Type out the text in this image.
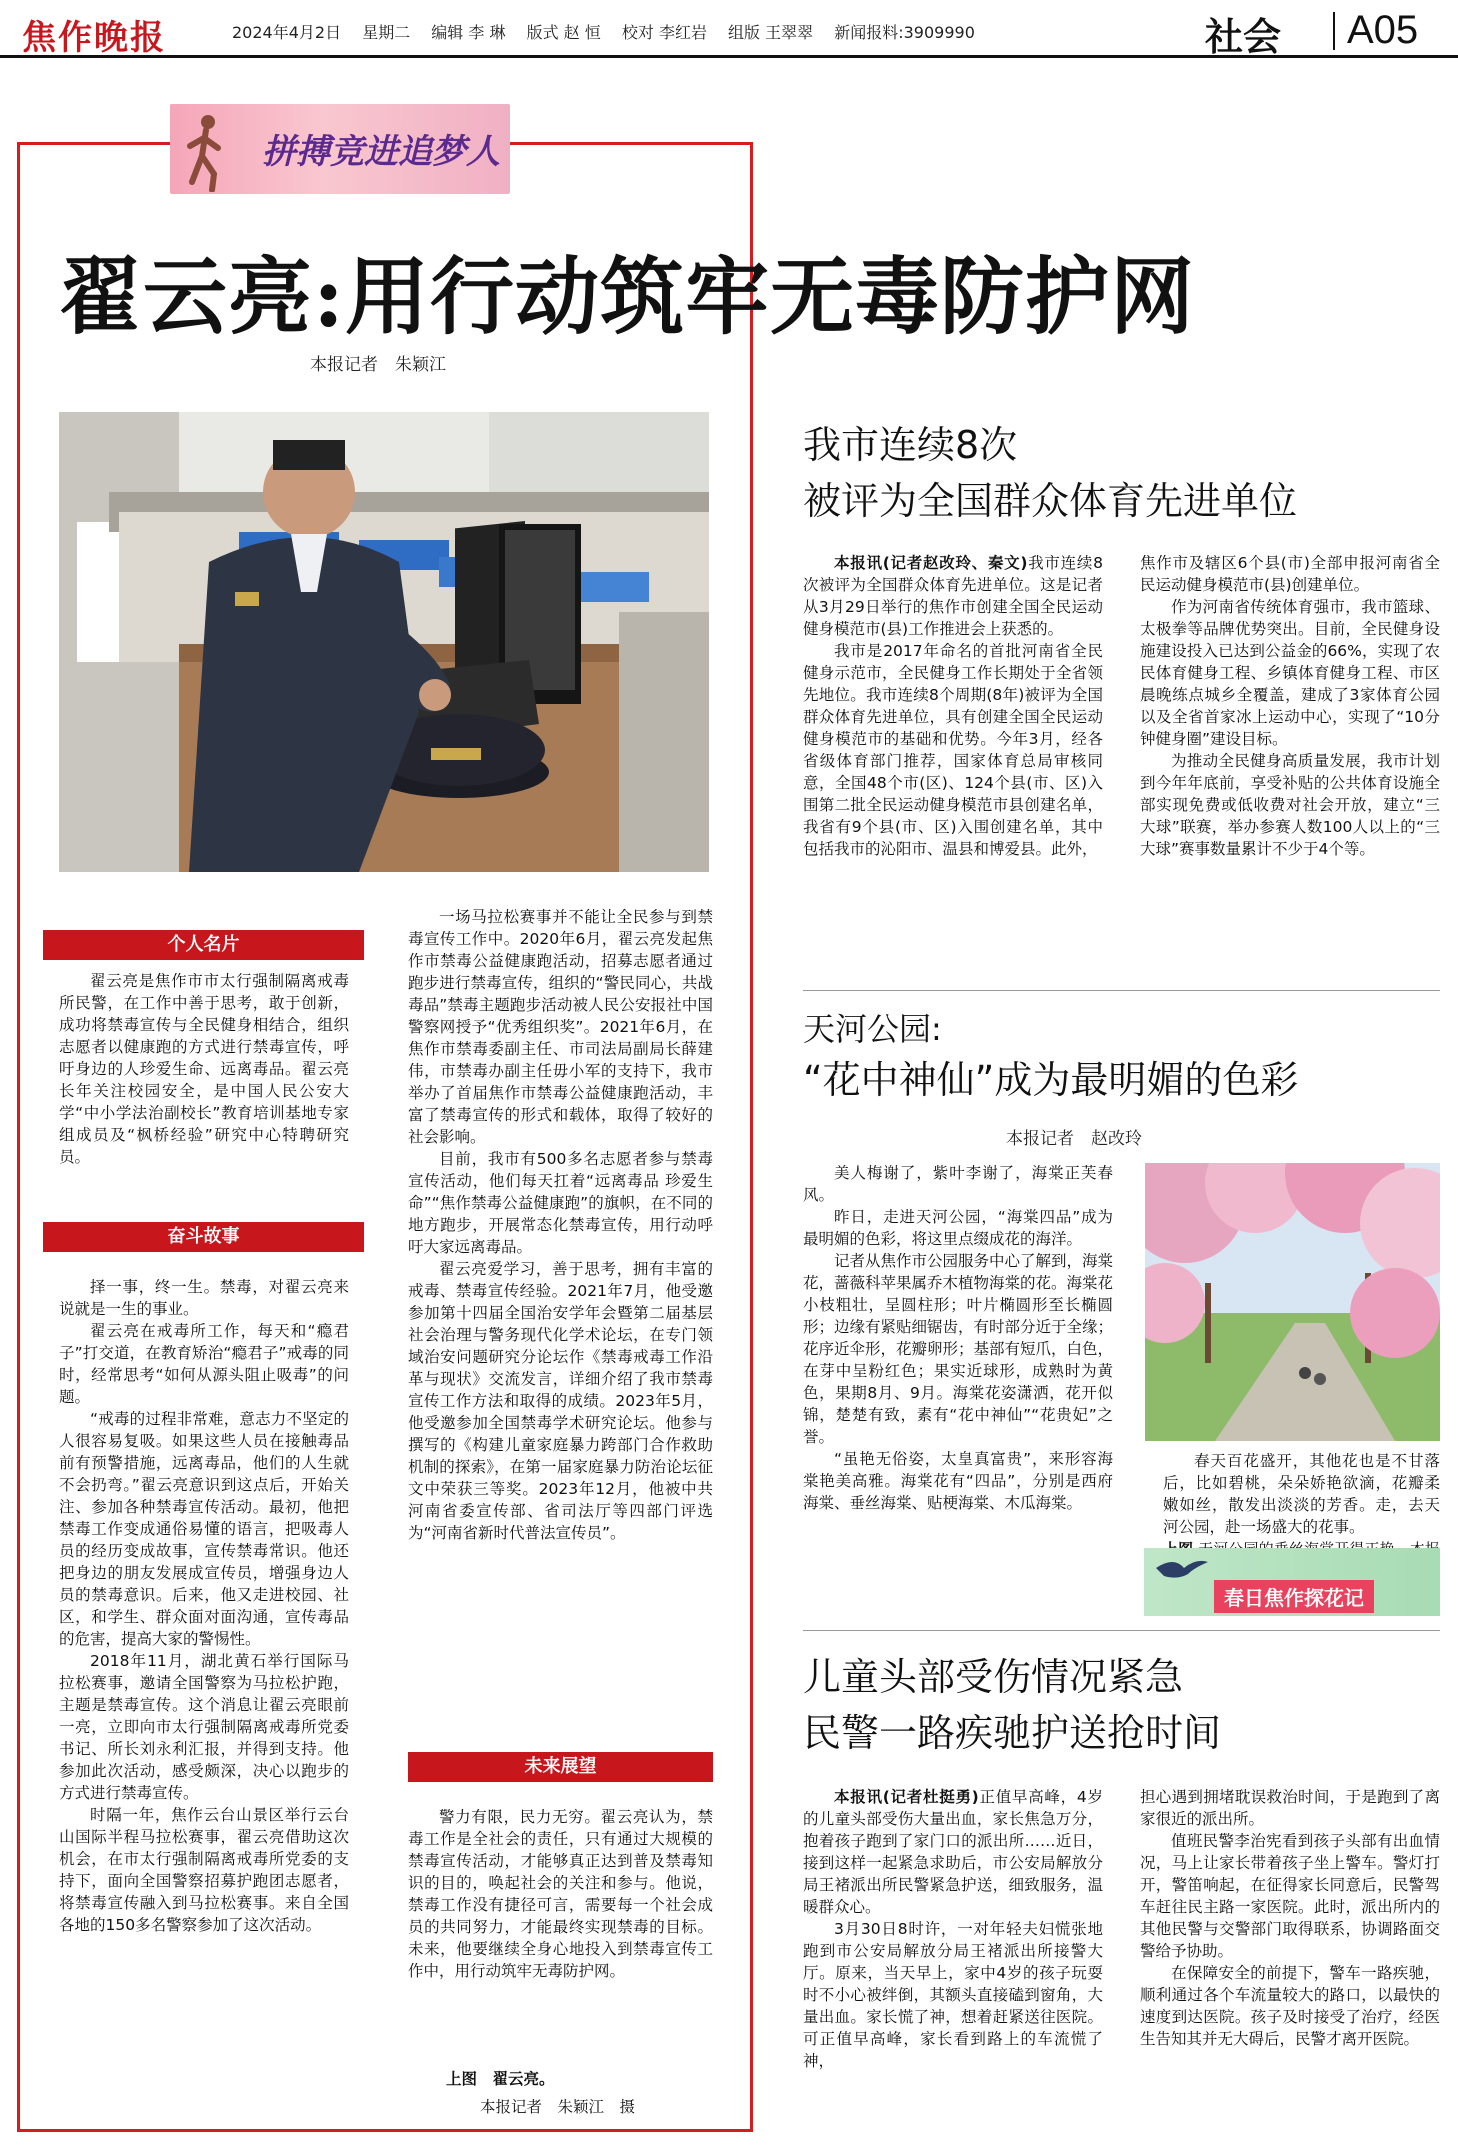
焦作晚报	2024年4月2日　 星期二　 编辑 李 琳　 版式 赵 恒　 校对 李红岩　 组版 王翠翠　 新闻报料:3909990	社会 A05
拼搏竞进追梦人
翟云亮:用行动筑牢无毒防护网
本报记者　朱颖江
个人名片

翟云亮是焦作市市太行强制隔离戒毒所民警，在工作中善于思考，敢于创新，成功将禁毒宣传与全民健身相结合，组织志愿者以健康跑的方式进行禁毒宣传，呼吁身边的人珍爱生命、远离毒品。翟云亮长年关注校园安全，是中国人民公安大学“中小学法治副校长”教育培训基地专家组成员及“枫桥经验”研究中心特聘研究员。

奋斗故事

择一事，终一生。禁毒，对翟云亮来说就是一生的事业。

翟云亮在戒毒所工作，每天和“瘾君子”打交道，在教育矫治“瘾君子”戒毒的同时，经常思考“如何从源头阻止吸毒”的问题。

“戒毒的过程非常难，意志力不坚定的人很容易复吸。如果这些人员在接触毒品前有预警措施，远离毒品，他们的人生就不会扔弯。”翟云亮意识到这点后，开始关注、参加各种禁毒宣传活动。最初，他把禁毒工作变成通俗易懂的语言，把吸毒人员的经历变成故事，宣传禁毒常识。他还把身边的朋友发展成宣传员，增强身边人员的禁毒意识。后来，他又走进校园、社区，和学生、群众面对面沟通，宣传毒品的危害，提高大家的警惕性。

2018年11月，湖北黄石举行国际马拉松赛事，邀请全国警察为马拉松护跑，主题是禁毒宣传。这个消息让翟云亮眼前一亮，立即向市太行强制隔离戒毒所党委书记、所长刘永利汇报，并得到支持。他参加此次活动，感受颇深，决心以跑步的方式进行禁毒宣传。

时隔一年，焦作云台山景区举行云台山国际半程马拉松赛事，翟云亮借助这次机会，在市太行强制隔离戒毒所党委的支持下，面向全国警察招募护跑团志愿者，将禁毒宣传融入到马拉松赛事。来自全国各地的150多名警察参加了这次活动。

一场马拉松赛事并不能让全民参与到禁毒宣传工作中。2020年6月，翟云亮发起焦作市禁毒公益健康跑活动，招募志愿者通过跑步进行禁毒宣传，组织的“警民同心，共战毒品”禁毒主题跑步活动被人民公安报社中国警察网授予“优秀组织奖”。2021年6月，在焦作市禁毒委副主任、市司法局副局长薛建伟，市禁毒办副主任毋小军的支持下，我市举办了首届焦作市禁毒公益健康跑活动，丰富了禁毒宣传的形式和载体，取得了较好的社会影响。

目前，我市有500多名志愿者参与禁毒宣传活动，他们每天扛着“远离毒品 珍爱生命”“焦作禁毒公益健康跑”的旗帜，在不同的地方跑步，开展常态化禁毒宣传，用行动呼吁大家远离毒品。

翟云亮爱学习，善于思考，拥有丰富的戒毒、禁毒宣传经验。2021年7月，他受邀参加第十四届全国治安学年会暨第二届基层社会治理与警务现代化学术论坛，在专门领域治安问题研究分论坛作《禁毒戒毒工作沿革与现状》交流发言，详细介绍了我市禁毒宣传工作方法和取得的成绩。2023年5月，他受邀参加全国禁毒学术研究论坛。他参与撰写的《构建儿童家庭暴力跨部门合作救助机制的探索》，在第一届家庭暴力防治论坛征文中荣获三等奖。2023年12月，他被中共河南省委宣传部、省司法厅等四部门评选为“河南省新时代普法宣传员”。

未来展望

警力有限，民力无穷。翟云亮认为，禁毒工作是全社会的责任，只有通过大规模的禁毒宣传活动，才能够真正达到普及禁毒知识的目的，唤起社会的关注和参与。他说，禁毒工作没有捷径可言，需要每一个社会成员的共同努力，才能最终实现禁毒的目标。未来，他要继续全身心地投入到禁毒宣传工作中，用行动筑牢无毒防护网。

上图　翟云亮。
本报记者　朱颖江　摄
我市连续8次
被评为全国群众体育先进单位

本报讯(记者赵改玲、秦文)我市连续8次被评为全国群众体育先进单位。这是记者从3月29日举行的焦作市创建全国全民运动健身模范市(县)工作推进会上获悉的。

我市是2017年命名的首批河南省全民健身示范市，全民健身工作长期处于全省领先地位。我市连续8个周期(8年)被评为全国群众体育先进单位，具有创建全国全民运动健身模范市的基础和优势。今年3月，经各省级体育部门推荐，国家体育总局审核同意，全国48个市(区)、124个县(市、区)入围第二批全民运动健身模范市县创建名单，我省有9个县(市、区)入围创建名单，其中包括我市的沁阳市、温县和博爱县。此外，

焦作市及辖区6个县(市)全部申报河南省全民运动健身模范市(县)创建单位。

作为河南省传统体育强市，我市篮球、太极拳等品牌优势突出。目前，全民健身设施建设投入已达到公益金的66%，实现了农民体育健身工程、乡镇体育健身工程、市区晨晚练点城乡全覆盖，建成了3家体育公园以及全省首家冰上运动中心，实现了“10分钟健身圈”建设目标。

为推动全民健身高质量发展，我市计划到今年年底前，享受补贴的公共体育设施全部实现免费或低收费对社会开放，建立“三大球”联赛，举办参赛人数100人以上的“三大球”赛事数量累计不少于4个等。

天河公园:
“花中神仙”成为最明媚的色彩
本报记者　赵改玲

美人梅谢了，紫叶李谢了，海棠正芙春风。

昨日，走进天河公园，“海棠四品”成为最明媚的色彩，将这里点缀成花的海洋。

记者从焦作市公园服务中心了解到，海棠花，蔷薇科苹果属乔木植物海棠的花。海棠花小枝粗壮，呈圆柱形；叶片椭圆形至长椭圆形；边缘有紧贴细锯齿，有时部分近于全缘；花序近伞形，花瓣卵形；基部有短爪，白色，在芽中呈粉红色；果实近球形，成熟时为黄色，果期8月、9月。海棠花姿潇洒，花开似锦，楚楚有致，素有“花中神仙”“花贵妃”之誉。

“虽艳无俗姿，太皇真富贵”，来形容海棠艳美高雅。海棠花有“四品”，分别是西府海棠、垂丝海棠、贴梗海棠、木瓜海棠。

春天百花盛开，其他花也是不甘落后，比如碧桃，朵朵娇艳欲滴，花瓣柔嫩如丝，散发出淡淡的芳香。走，去天河公园，赴一场盛大的花事。
春日焦作探花记
儿童头部受伤情况紧急
民警一路疾驰护送抢时间

本报讯(记者杜挺勇)正值早高峰，4岁的儿童头部受伤大量出血，家长焦急万分，抱着孩子跑到了家门口的派出所……近日，接到这样一起紧急求助后，市公安局解放分局王褚派出所民警紧急护送，细致服务，温暖群众心。

3月30日8时许，一对年轻夫妇慌张地跑到市公安局解放分局王褚派出所接警大厅。原来，当天早上，家中4岁的孩子玩耍时不小心被绊倒，其额头直接磕到窗角，大量出血。家长慌了神，想着赶紧送往医院。可正值早高峰，家长看到路上的车流慌了神，

担心遇到拥堵耽误救治时间，于是跑到了离家很近的派出所。

值班民警李治宪看到孩子头部有出血情况，马上让家长带着孩子坐上警车。警灯打开，警笛响起，在征得家长同意后，民警驾车赶往民主路一家医院。此时，派出所内的其他民警与交警部门取得联系，协调路面交警给予协助。

在保障安全的前提下，警车一路疾驰，顺利通过各个车流量较大的路口，以最快的速度到达医院。孩子及时接受了治疗，经医生告知其并无大碍后，民警才离开医院。
